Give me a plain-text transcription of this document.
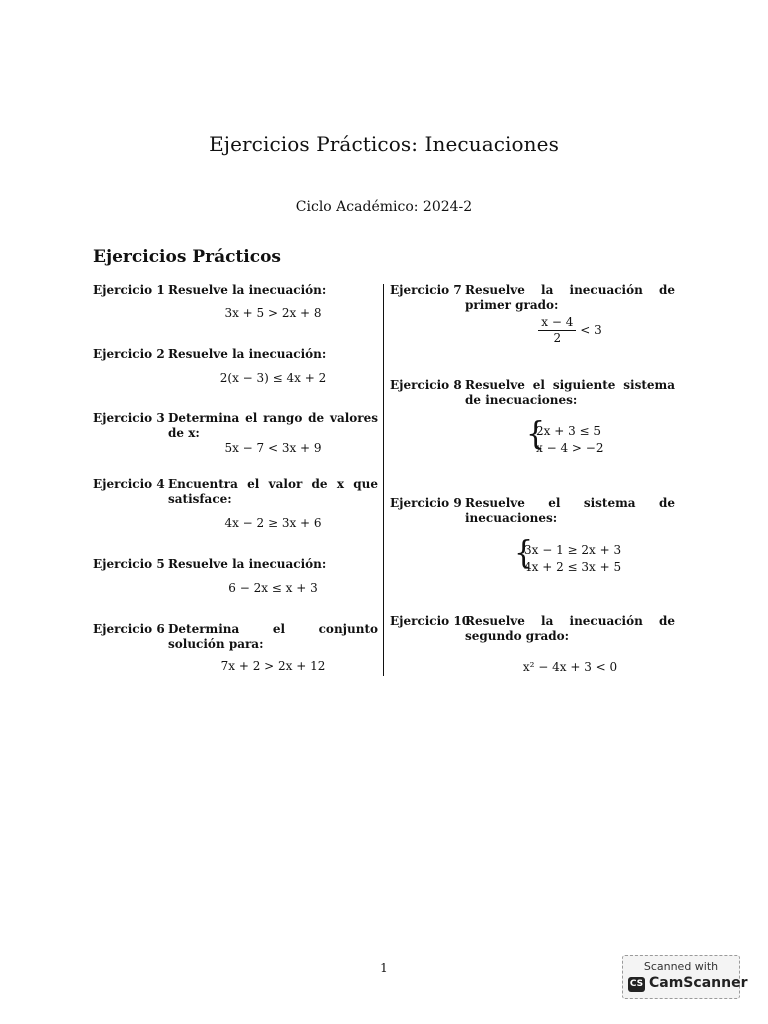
Ejercicios Prácticos: Inecuaciones
Ciclo Académico: 2024-2
Ejercicios Prácticos
Ejercicio 1 Resuelve la inecuación:
3x + 5 > 2x + 8
Ejercicio 2 Resuelve la inecuación:
2(x − 3) ≤ 4x + 2
Ejercicio 3 Determina el rango de valores de x:
5x − 7 < 3x + 9
Ejercicio 4 Encuentra el valor de x que satisface:
4x − 2 ≥ 3x + 6
Ejercicio 5 Resuelve la inecuación:
6 − 2x ≤ x + 3
Ejercicio 6 Determina el conjunto solución para:
7x + 2 > 2x + 12
Ejercicio 7 Resuelve la inecuación de primer grado:
$\frac{x - 4}{2} < 3$
Ejercicio 8 Resuelve el siguiente sistema de inecuaciones:
{
2x + 3 ≤ 5
x − 4 > −2
Ejercicio 9 Resuelve el sistema de inecuaciones:
{
3x − 1 ≥ 2x + 3
4x + 2 ≤ 3x + 5
Ejercicio 10
Resuelve la inecuación de segundo grado:
x² − 4x + 3 < 0
1	Scanned with
CS CamScanner
